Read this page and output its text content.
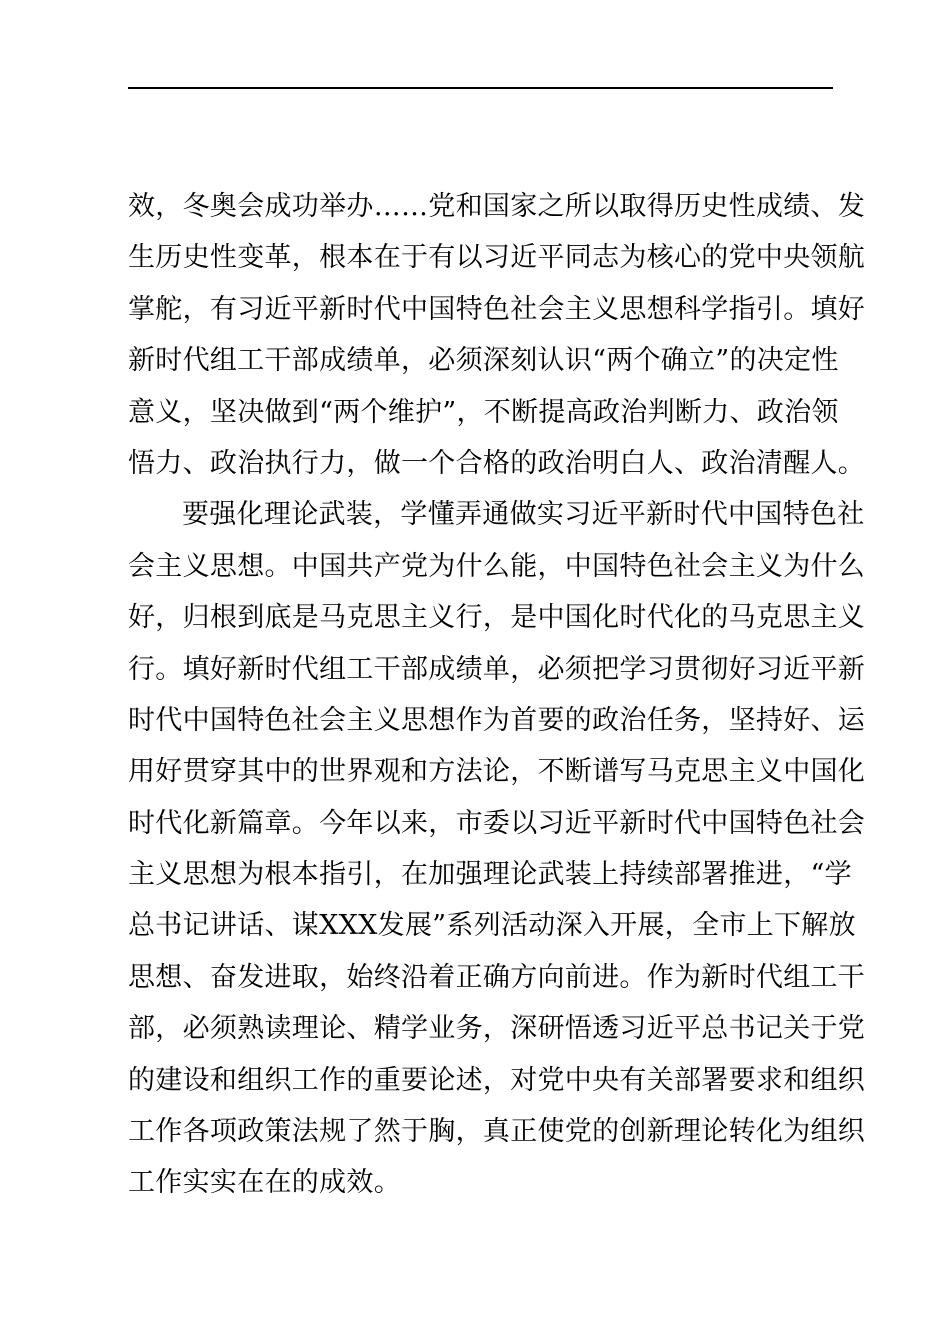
效，冬奥会成功举办……党和国家之所以取得历史性成绩、发
生历史性变革，根本在于有以习近平同志为核心的党中央领航
掌舵，有习近平新时代中国特色社会主义思想科学指引。填好
新时代组工干部成绩单，必须深刻认识“两个确立”的决定性
意义，坚决做到“两个维护”，不断提高政治判断力、政治领
悟力、政治执行力，做一个合格的政治明白人、政治清醒人。
要强化理论武装，学懂弄通做实习近平新时代中国特色社
会主义思想。中国共产党为什么能，中国特色社会主义为什么
好，归根到底是马克思主义行，是中国化时代化的马克思主义
行。填好新时代组工干部成绩单，必须把学习贯彻好习近平新
时代中国特色社会主义思想作为首要的政治任务，坚持好、运
用好贯穿其中的世界观和方法论，不断谱写马克思主义中国化
时代化新篇章。今年以来，市委以习近平新时代中国特色社会
主义思想为根本指引，在加强理论武装上持续部署推进，“学
总书记讲话、谋XXX发展”系列活动深入开展，全市上下解放
思想、奋发进取，始终沿着正确方向前进。作为新时代组工干
部，必须熟读理论、精学业务，深研悟透习近平总书记关于党
的建设和组织工作的重要论述，对党中央有关部署要求和组织
工作各项政策法规了然于胸，真正使党的创新理论转化为组织
工作实实在在的成效。
